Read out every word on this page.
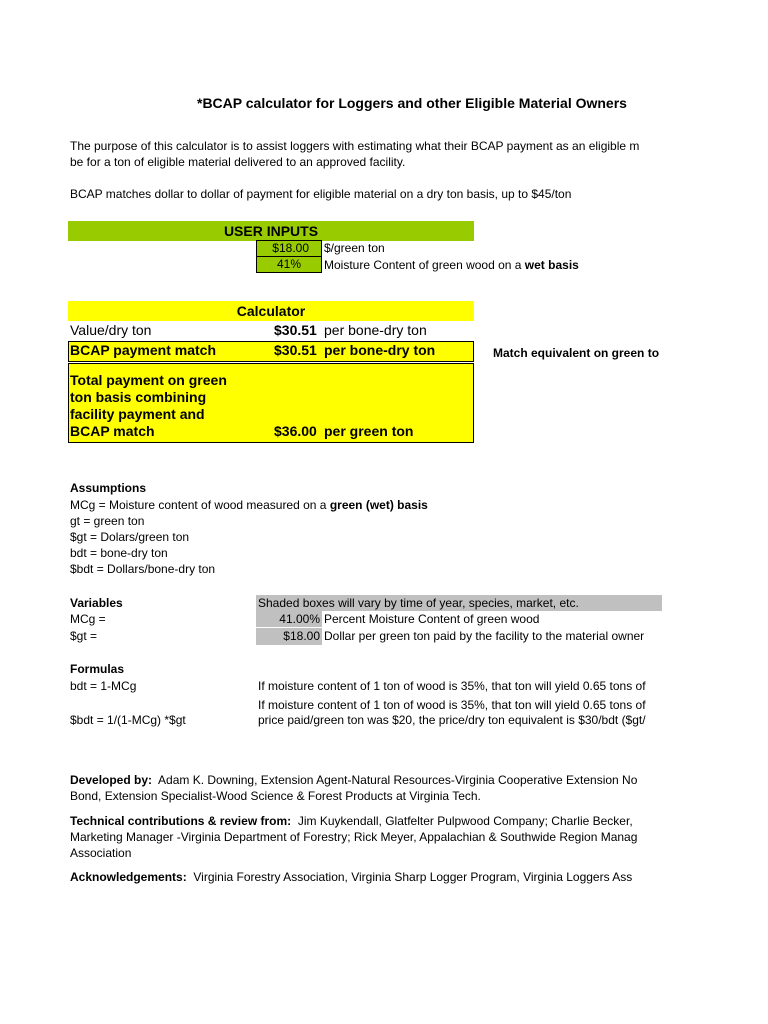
*BCAP calculator for Loggers and other Eligible Material Owners
The purpose of this calculator is to assist loggers with estimating what their BCAP payment as an eligible m
be for a ton of eligible material delivered to an approved facility.
BCAP matches dollar to dollar of payment for eligible material on a dry ton basis, up to $45/ton
USER INPUTS
$18.00	$/green ton
41%	Moisture Content of green wood on a wet basis
Calculator
Value/dry ton	$30.51 per bone-dry ton
BCAP payment match	$30.51 per bone-dry ton	Match equivalent on green to
Total payment on green
ton basis combining
facility payment and
BCAP match	$36.00 per green ton
Assumptions
MCg = Moisture content of wood measured on a green (wet) basis
gt = green ton
$gt = Dolars/green ton
bdt = bone-dry ton
$bdt = Dollars/bone-dry ton
Variables	Shaded boxes will vary by time of year, species, market, etc.
MCg =	41.00% Percent Moisture Content of green wood
$gt =	$18.00 Dollar per green ton paid by the facility to the material owner
Formulas
bdt = 1-MCg	If moisture content of 1 ton of wood is 35%, that ton will yield 0.65 tons of
If moisture content of 1 ton of wood is 35%, that ton will yield 0.65 tons of
$bdt = 1/(1-MCg) *$gt	price paid/green ton was $20, the price/dry ton equivalent is $30/bdt ($gt/
Developed by:  Adam K. Downing, Extension Agent-Natural Resources-Virginia Cooperative Extension No
Bond, Extension Specialist-Wood Science & Forest Products at Virginia Tech.
Technical contributions & review from:  Jim Kuykendall, Glatfelter Pulpwood Company; Charlie Becker,
Marketing Manager -Virginia Department of Forestry; Rick Meyer, Appalachian & Southwide Region Manag
Association
Acknowledgements:  Virginia Forestry Association, Virginia Sharp Logger Program, Virginia Loggers Ass
